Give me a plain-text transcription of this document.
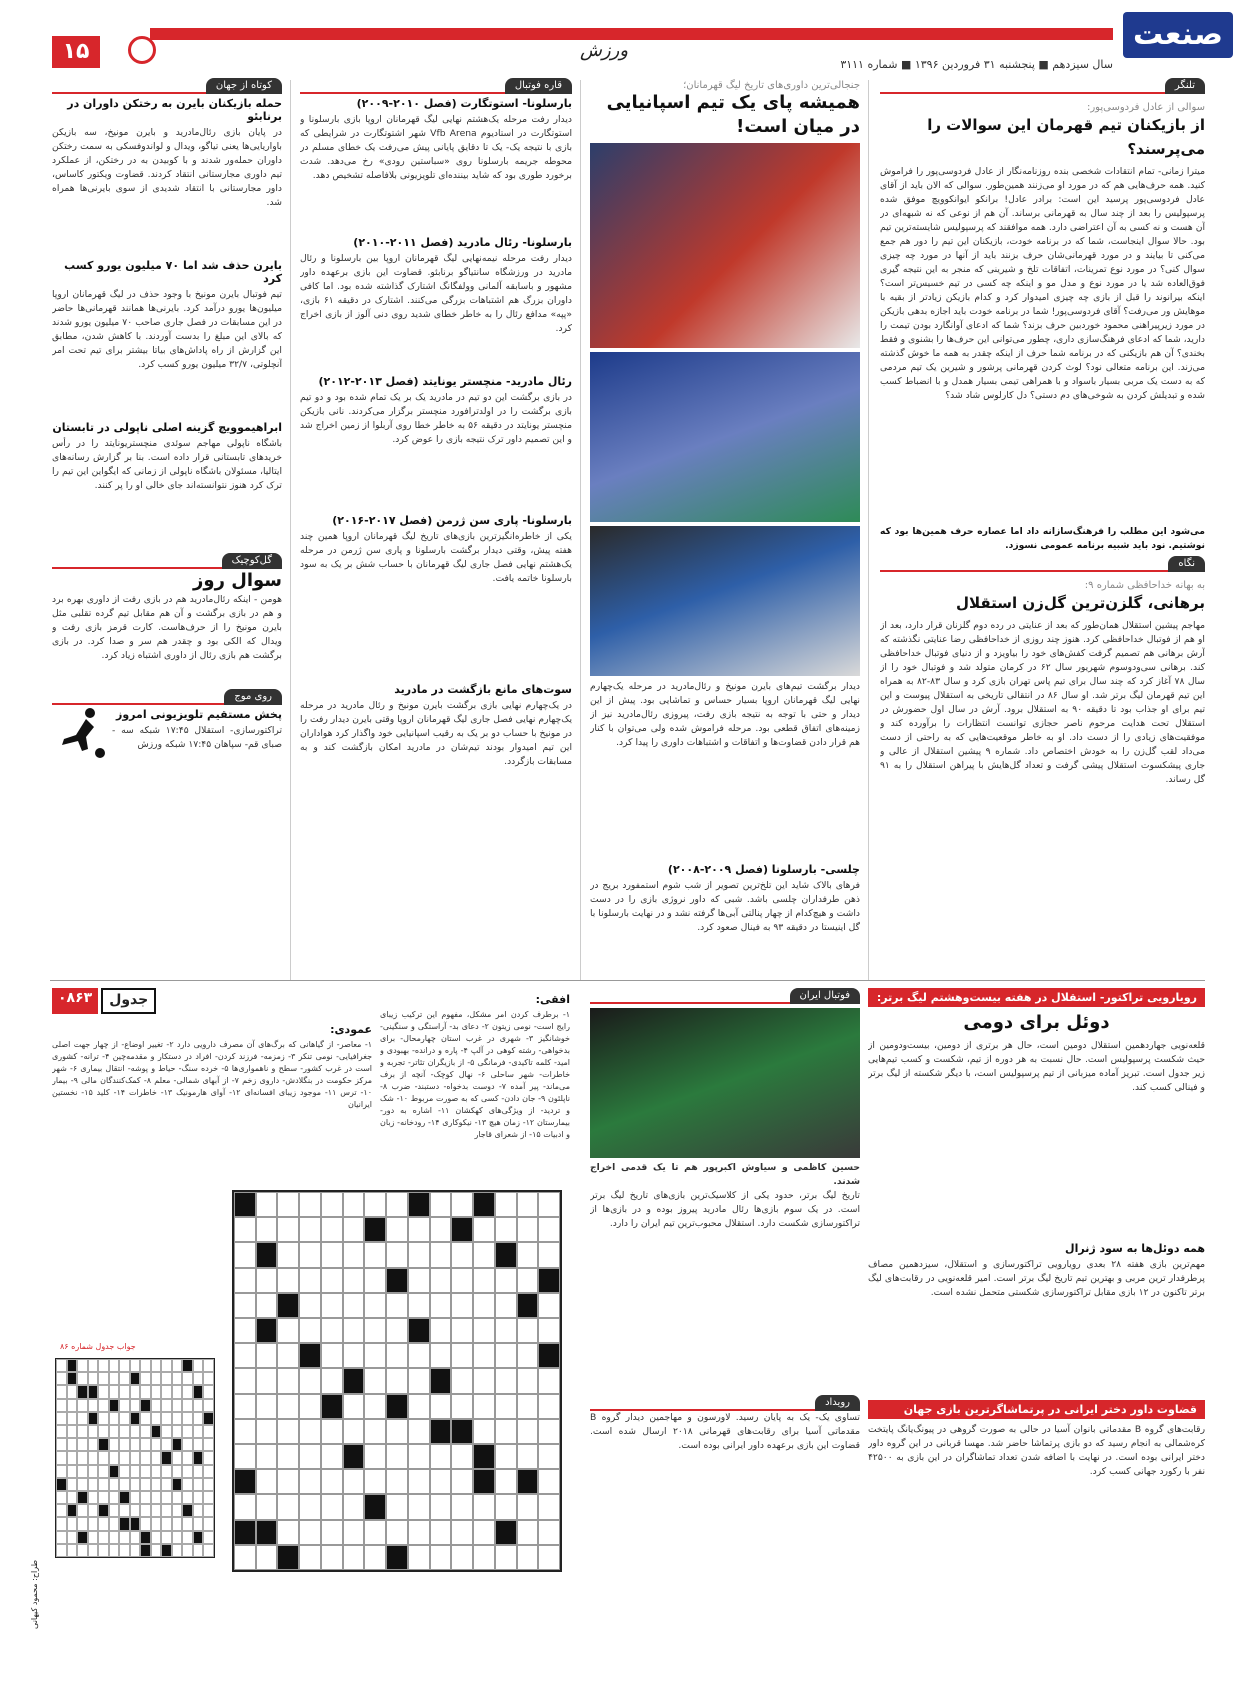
صنعت
سال سیزدهم ■ پنجشنبه ۳۱ فروردین ۱۳۹۶ ■ شماره ۳۱۱۱
ورزش
۱۵
تلنگر
سوالی از عادل فردوسی‌پور:
از بازیکنان تیم قهرمان این سوالات را می‌پرسند؟

میترا زمانی- تمام انتقادات شخصی بنده روزنامه‌نگار از عادل فردوسی‌پور را فراموش کنید. همه حرف‌هایی هم که در مورد او می‌زنند همین‌طور. سوالی که الان باید از آقای عادل فردوسی‌پور پرسید این است: برادر عادل! برانکو ایوانکوویچ موفق شده پرسپولیس را بعد از چند سال به قهرمانی برساند. آن هم از نوعی که نه شبهه‌ای در آن هست و نه کسی به آن اعتراضی دارد. همه موافقند که پرسپولیس شایسته‌ترین تیم بود. حالا سوال اینجاست، شما که در برنامه خودت، بازیکنان این تیم را دور هم جمع می‌کنی تا بیایند و در مورد قهرمانی‌شان حرف بزنند باید از آنها در مورد چه چیزی سوال کنی؟ در مورد نوع تمرینات، اتفاقات تلخ و شیرینی که منجر به این نتیجه گیری فوق‌العاده شد یا در مورد نوع و مدل مو و اینکه چه کسی در تیم خسیس‌تر است؟ اینکه بیرانوند را قبل از بازی چه چیزی امیدوار کرد و کدام بازیکن زیادتر از بقیه با موهایش ور می‌رفت؟ آقای فردوسی‌پور! شما در برنامه خودت باید اجازه بدهی بازیکن در مورد زیرپیراهنی محمود خوردبین حرف بزند؟ شما که ادعای آوانگارد بودن تیمت را دارید، شما که ادعای فرهنگ‌سازی داری، چطور می‌توانی این حرف‌ها را بشنوی و فقط بخندی؟ آن هم بازیکنی که در برنامه شما حرف از اینکه چقدر به همه ما خوش گذشته می‌زند. این برنامه متعالی نود؟ لوث کردن قهرمانی پرشور و شیرین یک تیم مردمی که به دست یک مربی بسیار باسواد و با همراهی تیمی بسیار همدل و با انضباط کسب شده و تبدیلش کردن به شوخی‌های دم دستی؟ دل کارلوس شاد شد؟

می‌شود این مطلب را فرهنگ‌سازانه داد اما عصاره حرف همین‌ها بود که نوشتیم. نود باید شبیه برنامه عمومی نسوزد.
نگاه
به بهانه خداحافظی شماره ۹:
برهانی، گلزن‌ترین گل‌زن استقلال

مهاجم پیشین استقلال همان‌طور که بعد از عنایتی در رده دوم گلزنان قرار دارد، بعد از او هم از فوتبال خداحافظی کرد. هنوز چند روزی از خداحافظی رضا عنایتی نگذشته که آرش برهانی هم تصمیم گرفت کفش‌های خود را بیاویزد و از دنیای فوتبال خداحافظی کند. برهانی سی‌ودوسوم شهریور سال ۶۲ در کرمان متولد شد و فوتبال خود را از سال ۷۸ آغاز کرد که چند سال برای تیم پاس تهران بازی کرد و سال ۸۳-۸۲ به همراه این تیم قهرمان لیگ برتر شد. او سال ۸۶ در انتقالی تاریخی به استقلال پیوست و این تیم برای او جذاب بود تا دقیقه ۹۰ به استقلال برود. آرش در سال اول حضورش در استقلال تحت هدایت مرحوم ناصر حجازی توانست انتظارات را برآورده کند و موفقیت‌های زیادی را از دست داد. او به خاطر موقعیت‌هایی که به راحتی از دست می‌داد لقب گل‌زن را به خودش اختصاص داد. شماره ۹ پیشین استقلال از عالی و جاری پیشکسوت استقلال پیشی گرفت و تعداد گل‌هایش با پیراهن استقلال را به ۹۱ گل رساند.

جنجالی‌ترین داوری‌های تاریخ لیگ قهرمانان؛
همیشه پای یک تیم اسپانیایی در میان است!

دیدار برگشت تیم‌های بایرن مونیخ و رئال‌مادرید در مرحله یک‌چهارم نهایی لیگ قهرمانان اروپا بسیار حساس و تماشایی بود. پیش از این دیدار و حتی با توجه به نتیجه بازی رفت، پیروزی رئال‌مادرید نیز از زمینه‌های اتفاق قطعی بود. مرحله فراموش شده ولی می‌توان با کنار هم قرار دادن قضاوت‌ها و اتفاقات و اشتباهات داوری را پیدا کرد.

چلسی- بارسلونا (فصل ۲۰۰۹-۲۰۰۸)

فرهای بالاک شاید این تلخ‌ترین تصویر از شب شوم استمفورد بریج در ذهن طرفداران چلسی باشد. شبی که داور نروژی بازی را در دست داشت و هیچ‌کدام از چهار پنالتی آبی‌ها گرفته نشد و در نهایت بارسلونا با گل اینیستا در دقیقه ۹۳ به فینال صعود کرد.

قاره فوتبال
بارسلونا- استوتگارت (فصل ۲۰۱۰-۲۰۰۹)

دیدار رفت مرحله یک‌هشتم نهایی لیگ قهرمانان اروپا بازی بارسلونا و استوتگارت در استادیوم Vfb Arena شهر اشتوتگارت در شرایطی که بازی با نتیجه یک- یک تا دقایق پایانی پیش می‌رفت یک خطای مسلم در محوطه جریمه بارسلونا روی «سباستین رودی» رخ می‌دهد. شدت برخورد طوری بود که شاید بیننده‌ای تلویزیونی بلافاصله تشخیص دهد.

بارسلونا- رئال مادرید (فصل ۲۰۱۱-۲۰۱۰)

دیدار رفت مرحله نیمه‌نهایی لیگ قهرمانان اروپا بین بارسلونا و رئال مادرید در ورزشگاه سانتیاگو برنابئو. قضاوت این بازی برعهده داور مشهور و باسابقه آلمانی وولفگانگ اشتارک گذاشته شده بود. اما کافی داوران بزرگ هم اشتباهات بزرگی می‌کنند. اشتارک در دقیقه ۶۱ بازی، «پپه» مدافع رئال را به خاطر خطای شدید روی دنی آلوز از بازی اخراج کرد.

رئال مادرید- منچستر یونایتد (فصل ۲۰۱۳-۲۰۱۲)

در بازی برگشت این دو تیم در مادرید یک بر یک تمام شده بود و دو تیم بازی برگشت را در اولدترافورد منچستر برگزار می‌کردند. نانی بازیکن منچستر یونایتد در دقیقه ۵۶ به خاطر خطا روی آربلوا از زمین اخراج شد و این تصمیم داور ترک نتیجه بازی را عوض کرد.

بارسلونا- پاری سن ژرمن (فصل ۲۰۱۷-۲۰۱۶)

یکی از خاطره‌انگیزترین بازی‌های تاریخ لیگ قهرمانان اروپا همین چند هفته پیش، وقتی دیدار برگشت بارسلونا و پاری سن ژرمن در مرحله یک‌هشتم نهایی فصل جاری لیگ قهرمانان با حساب شش بر یک به سود بارسلونا خاتمه یافت.

سوت‌های مانع بازگشت در مادرید

در یک‌چهارم نهایی بازی برگشت بایرن مونیخ و رئال مادرید در مرحله یک‌چهارم نهایی فصل جاری لیگ قهرمانان اروپا وقتی بایرن دیدار رفت را در مونیخ با حساب دو بر یک به رقیب اسپانیایی خود واگذار کرد هواداران این تیم امیدوار بودند تیم‌شان در مادرید امکان بازگشت کند و به مسابقات بازگردد.

کوتاه از جهان
حمله بازیکنان بایرن به رختکن داوران در برنابئو

در پایان بازی رئال‌مادرید و بایرن مونیخ، سه بازیکن باواریایی‌ها یعنی تیاگو، ویدال و لواندوفسکی به سمت رختکن داوران حمله‌ور شدند و با کوبیدن به در رختکن، از عملکرد تیم داوری مجارستانی انتقاد کردند. قضاوت ویکتور کاساس، داور مجارستانی با انتقاد شدیدی از سوی بایرنی‌ها همراه شد.

بایرن حذف شد اما ۷۰ میلیون یورو کسب کرد

تیم فوتبال بایرن مونیخ با وجود حذف در لیگ قهرمانان اروپا میلیون‌ها یورو درآمد کرد. بایرنی‌ها همانند قهرمانی‌ها حاضر در این مسابقات در فصل جاری صاحب ۷۰ میلیون یورو شدند که بالای این مبلغ را بدست آوردند. با کاهش شدن، مطابق این گزارش از راه پاداش‌های بیاتا بیشتر برای تیم تحت امر آنچلوتی، ۳۲/۷ میلیون یورو کسب کرد.

ابراهیموویچ گزینه اصلی ناپولی در تابستان

باشگاه ناپولی مهاجم سوئدی منچستریونایتد را در رأس خریدهای تابستانی قرار داده است. بنا بر گزارش رسانه‌های ایتالیا، مسئولان باشگاه ناپولی از زمانی که ایگواین این تیم را ترک کرد هنوز نتوانسته‌اند جای خالی او را پر کنند.

گل‌کوچیک
سوال روز

هومن - اینکه رئال‌مادرید هم در بازی رفت از داوری بهره برد و هم در بازی برگشت و آن هم مقابل تیم گرده تقلبی مثل بایرن مونیخ را از حرف‌هاست. کارت قرمز بازی رفت و ویدال که الکی بود و چقدر هم سر و صدا کرد. در بازی برگشت هم بازی رئال از داوری اشتباه زیاد کرد.

روی موج
پخش مستقیم تلویزیونی امروز
تراکتورسازی- استقلال ۱۷:۴۵ شبکه سه - صبای قم- سپاهان ۱۷:۴۵ شبکه ورزش
رویارویی تراکتور- استقلال در هفته بیست‌وهشتم لیگ برتر:
دوئل برای دومی

قلعه‌نویی جهاردهمین استقلال دومین است، حال هر برتری از دومین، بیست‌ودومین از حیث شکست پرسپولیس است. حال نسبت به هر دوره از تیم، شکست و کسب تیم‌هایی زیر جدول است. تبریز آماده میزبانی از تیم پرسپولیس است، با دیگر شکسته از لیگ برتر و فینالی کسب کند.

همه دوئل‌ها به سود ژنرال

مهم‌ترین بازی هفته ۲۸ بعدی رویارویی تراکتورسازی و استقلال، سیزدهمین مصاف پرطرفدار ترین مربی و بهترین تیم تاریخ لیگ برتر است. امیر قلعه‌نویی در رقابت‌های لیگ برتر تاکنون در ۱۲ بازی مقابل تراکتورسازی شکستی متحمل نشده است.

فوتبال ایران
حسین کاظمی و سیاوش اکبرپور هم تا یک قدمی اخراج شدند.

تاریخ لیگ برتر، حدود یکی از کلاسیک‌ترین بازی‌های تاریخ لیگ برتر است. در یک سوم بازی‌ها رئال مادرید پیروز بوده و در بازی‌ها از تراکتورسازی شکست دارد. استقلال محبوب‌ترین تیم ایران را دارد.

رویداد

تساوی یک- یک به پایان رسید. لاورسون و مهاجمین دیدار گروه B مقدماتی آسیا برای رقابت‌های قهرمانی ۲۰۱۸ ارسال شده است. قضاوت این بازی برعهده داور ایرانی بوده است.

قضاوت داور دختر ایرانی در پرتماشاگرترین بازی جهان

رقابت‌های گروه B مقدماتی بانوان آسیا در حالی به صورت گروهی در پیونگ‌یانگ پایتخت کره‌شمالی به انجام رسید که دو بازی پرتماشا حاضر شد. مهسا قربانی در این گروه داور دختر ایرانی بوده است. در نهایت با اضافه شدن تعداد تماشاگران در این بازی به ۴۲۵۰۰ نفر با رکورد جهانی کسب کرد.

۰۸۶۳	جدول	افقی:
۱- برطرف کردن امر مشکل، مفهوم این ترکیب زیبای رایج است- نومی زیتون ۲- دعای بد- آراستگی و سنگینی- خوشانگیز ۳- شهری در غرب استان چهارمحال- برای بدخواهی- رشته کوهی در آلپ ۴- پاره و درانده- بهبودی و امید- کلمه تاکیدی- فرمانگی ۵- از بازیگران تئاتر- تجربه و خاطرات- شهر ساحلی ۶- نهال کوچک- آنچه از برف می‌ماند- پیر آمده ۷- دوست بدخواه- دستبند- ضرب ۸- ناپلئون ۹- جان دادن- کسی که به صورت مربوط ۱۰- شک و تردید- از ویژگی‌های کهکشان ۱۱- اشاره به دور- بیمارستان ۱۲- زمان هیچ ۱۳- نیکوکاری ۱۴- رودخانه- زبان و ادبیات ۱۵- از شعرای قاجار
عمودی:
۱- معاصر- از گیاهانی که برگ‌های آن مصرف دارویی دارد ۲- تغییر اوضاع- از چهار جهت اصلی جغرافیایی- نومی تنکر ۳- زمزمه- فرزند کردن- افراد در دستکار و مقدمه‌چین ۴- ترانه- کشوری است در غرب کشور- سطح و ناهمواری‌ها ۵- خرده سنگ- حیاط و پوشه- انتقال بیماری ۶- شهر مرکز حکومت در بنگلادش- داروی زخم ۷- از آبهای شمالی- معلم ۸- کمک‌کنندگان مالی ۹- بیمار ۱۰- ترس ۱۱- موجود زیبای افسانه‌ای ۱۲- آوای هارمونیک ۱۳- خاطرات ۱۴- کلید ۱۵- نخستین ایرانیان
جواب جدول شماره ۸۶
طراح: محمود کیهانی
